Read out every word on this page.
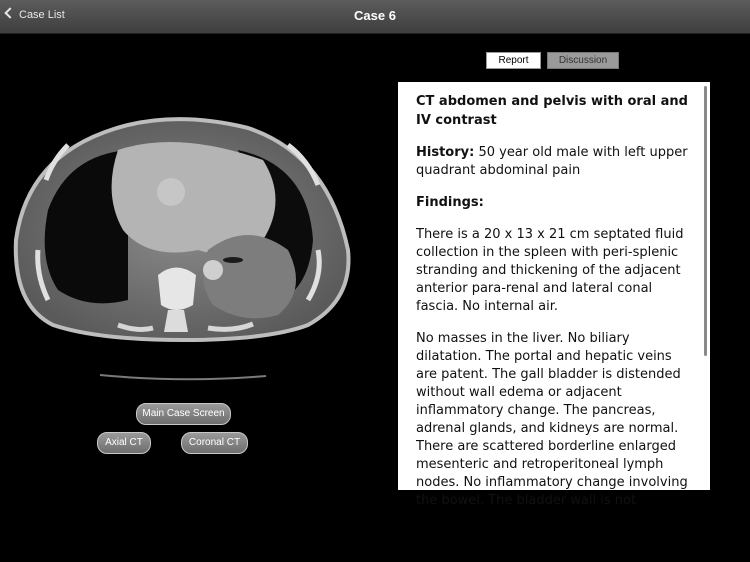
Case List	Case 6
Report	Discussion
Main Case Screen
Axial CT	Coronal CT
CT abdomen and pelvis with oral and IV contrast

History: 50 year old male with left upper quadrant abdominal pain

Findings:

There is a 20 x 13 x 21 cm septated fluid collection in the spleen with peri-splenic stranding and thickening of the adjacent anterior para-renal and lateral conal fascia. No internal air.

No masses in the liver. No biliary dilatation. The portal and hepatic veins are patent. The gall bladder is distended without wall edema or adjacent inflammatory change. The pancreas, adrenal glands, and kidneys are normal. There are scattered borderline enlarged mesenteric and retroperitoneal lymph nodes. No inflammatory change involving the bowel. The bladder wall is not
